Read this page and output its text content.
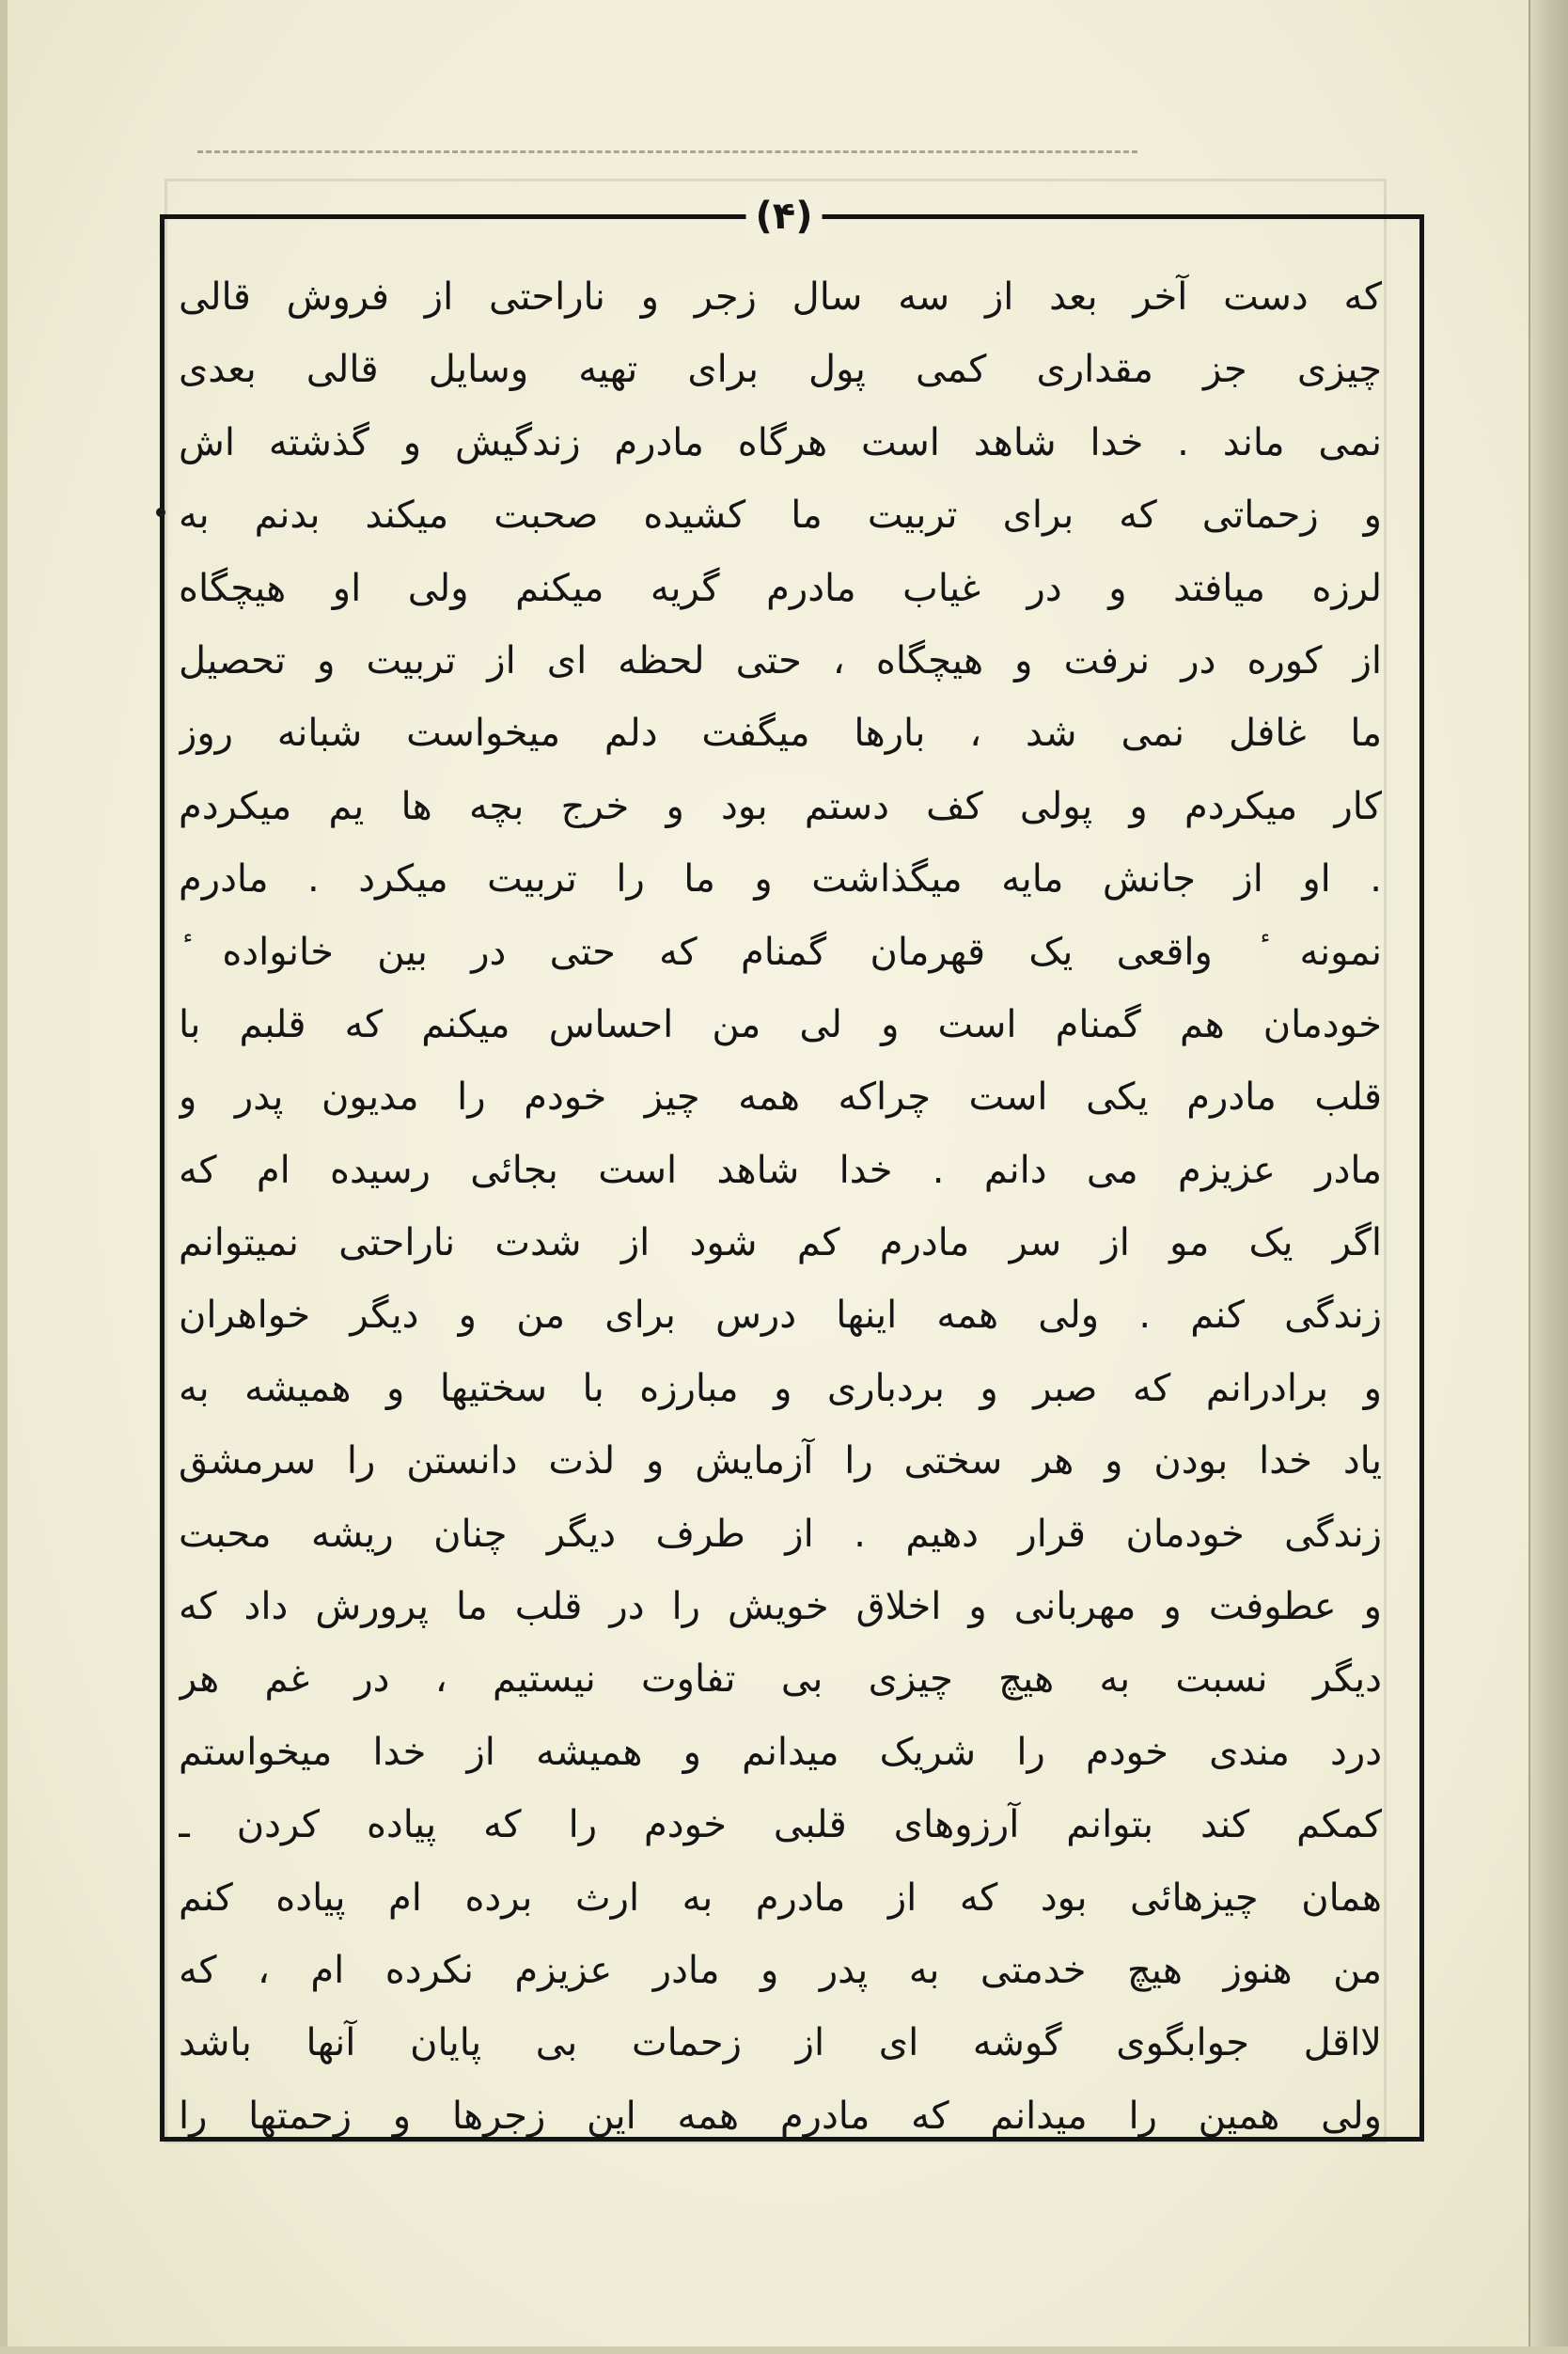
(۴)
که دست آخر بعد از سه سال زجر و ناراحتی از فروش قالی
چیزی جز مقداری کمی پول برای تهیه وسایل قالی بعدی
نمی ماند . خدا شاهد است هرگاه مادرم زندگیش و گذشته اش
و زحماتی که برای تربیت ما کشیده صحبت میکند بدنم به
لرزه میافتد و در غیاب مادرم گریه میکنم ولی او هیچگاه
از کوره در نرفت و هیچگاه ، حتی لحظه ای از تربیت و تحصیل
ما غافل نمی شد ، بارها میگفت دلم میخواست شبانه روز
کار میکردم و پولی کف دستم بود و خرج بچه ها یم میکردم
. او از جانش مایه میگذاشت و ما را تربیت میکرد . مادرم
نمونه ٔ واقعی یک قهرمان گمنام که حتی در بین خانواده ٔ
خودمان هم گمنام است و لی من احساس میکنم که قلبم با
قلب مادرم یکی است چراکه همه چیز خودم را مدیون پدر و
مادر عزیزم می دانم . خدا شاهد است بجائی رسیده ام که
اگر یک مو از سر مادرم کم شود از شدت ناراحتی نمیتوانم
زندگی کنم . ولی همه اینها درس برای من و دیگر خواهران
و برادرانم که صبر و بردباری و مبارزه با سختیها و همیشه به
یاد خدا بودن و هر سختی را آزمایش و لذت دانستن را سرمشق
زندگی خودمان قرار دهیم . از طرف دیگر چنان ریشه محبت
و عطوفت و مهربانی و اخلاق خویش را در قلب ما پرورش داد که
دیگر نسبت به هیچ چیزی بی تفاوت نیستیم ، در غم هر
درد مندی خودم را شریک میدانم و همیشه از خدا میخواستم
کمکم کند بتوانم آرزوهای قلبی خودم را که پیاده کردن ـ
همان چیزهائی بود که از مادرم به ارث برده ام پیاده کنم
من هنوز هیچ خدمتی به پدر و مادر عزیزم نکرده ام ، که
لااقل جوابگوی گوشه ای از زحمات بی پایان آنها باشد
ولی همین را میدانم که مادرم همه این زجرها و زحمتها را
